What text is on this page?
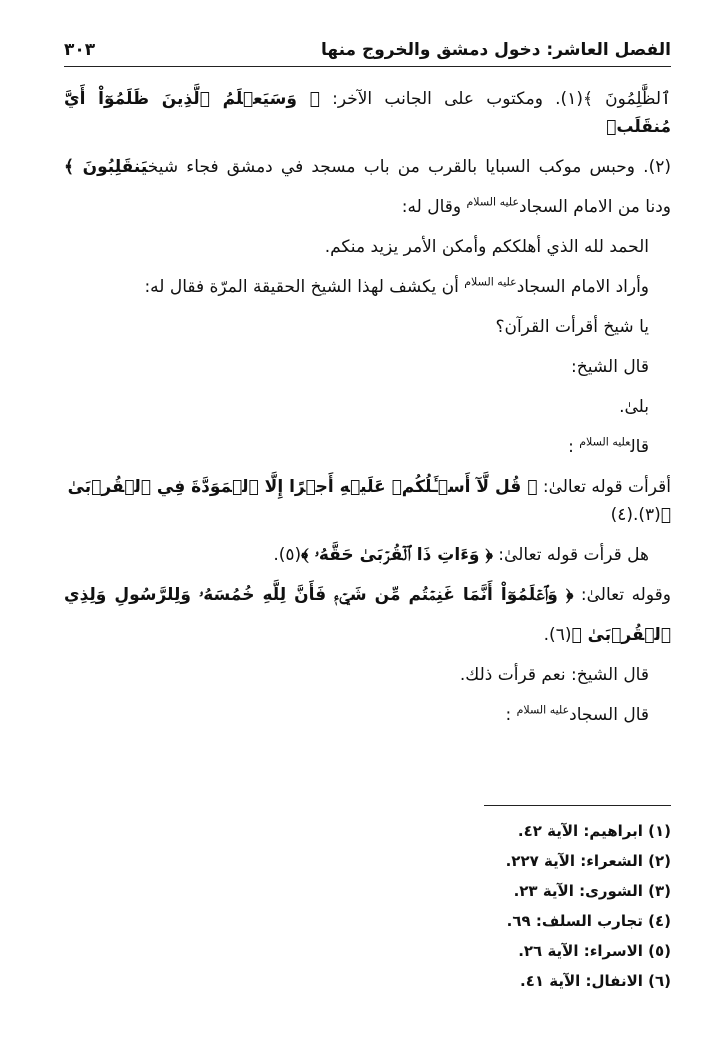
الفصل العاشر: دخول دمشق والخروج منها
٣٠٣
ٱلظَّٰلِمُونَ ﴾(١). ومكتوب على الجانب الآخر: ﴿ وَسَيَعۡلَمُ ٱلَّذِينَ ظَلَمُوٓاْ أَيَّ مُنقَلَبٖ
(٢). وحبس موكب السبايا بالقرب من باب مسجد في دمشق فجاء شيخيَنقَلِبُونَ ﴾
ودنا من الامام السجاد$^{عليه السلام}$ وقال له:
الحمد لله الذي أهلككم وأمكن الأمر يزيد منكم.
وأراد الامام السجاد$^{عليه السلام}$ أن يكشف لهذا الشيخ الحقيقة المرّة فقال له:
يا شيخ أقرأت القرآن؟
قال الشيخ:
بلىٰ.
قال$^{عليه السلام}$ :
أقرأت قوله تعالىٰ: ﴿ قُل لَّآ أَسۡـَٔلُكُمۡ عَلَيۡهِ أَجۡرًا إِلَّا ٱلۡمَوَدَّةَ فِي ٱلۡقُرۡبَىٰ ﴾(٣).(٤)
هل قرأت قوله تعالىٰ: ﴿ وَءَاتِ ذَا ٱلۡقُرۡبَىٰ حَقَّهُۥ ﴾(٥).
وقوله تعالىٰ: ﴿ وَٱعۡلَمُوٓاْ أَنَّمَا غَنِمۡتُم مِّن شَيۡءٖ فَأَنَّ لِلَّهِ خُمُسَهُۥ وَلِلرَّسُولِ وَلِذِي
ٱلۡقُرۡبَىٰ ﴾(٦).
قال الشيخ: نعم قرأت ذلك.
قال السجاد$^{عليه السلام}$ :
(١) ابراهيم: الآية ٤٢.
(٢) الشعراء: الآية ٢٢٧.
(٣) الشورى: الآية ٢٣.
(٤) تجارب السلف: ٦٩.
(٥) الاسراء: الآية ٢٦.
(٦) الانفال: الآية ٤١.
